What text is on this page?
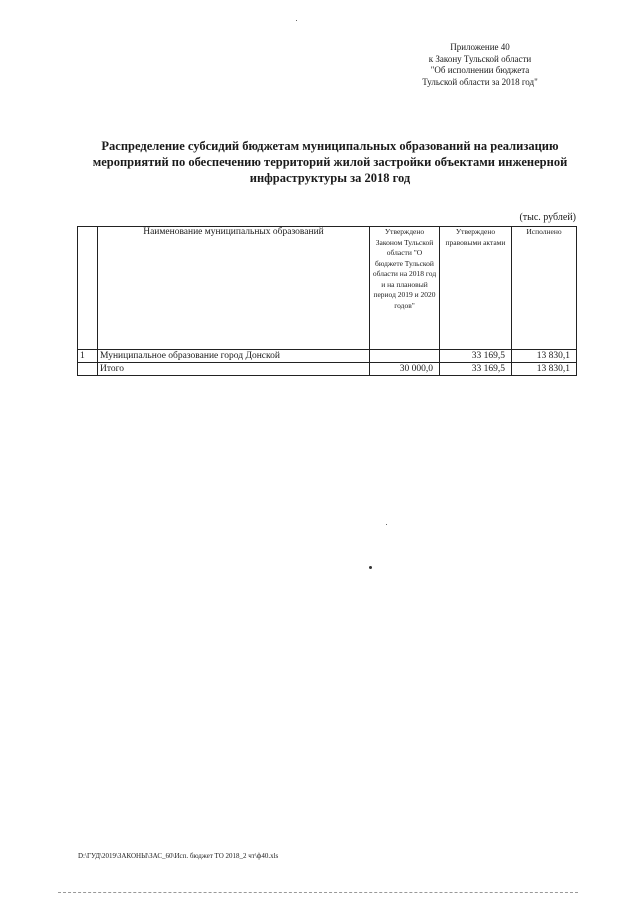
Приложение 40
к Закону Тульской области
"Об исполнении бюджета
Тульской области за 2018 год"
Распределение субсидий бюджетам муниципальных образований на реализацию
мероприятий по обеспечению территорий жилой застройки объектами инженерной
инфраструктуры за 2018 год
(тыс. рублей)
	Наименование муниципальных образований	Утверждено Законом Тульской области "О бюджете Тульской области на 2018 год и на плановый период 2019 и 2020 годов"	Утверждено правовыми актами	Исполнено
1	Муниципальное образование город Донской		33 169,5	13 830,1
	Итого	30 000,0	33 169,5	13 830,1
D:\ГУД\2019\ЗАКОНЫ\ЗАС_60\Исп. бюджет ТО 2018_2 чт\ф40.xls
